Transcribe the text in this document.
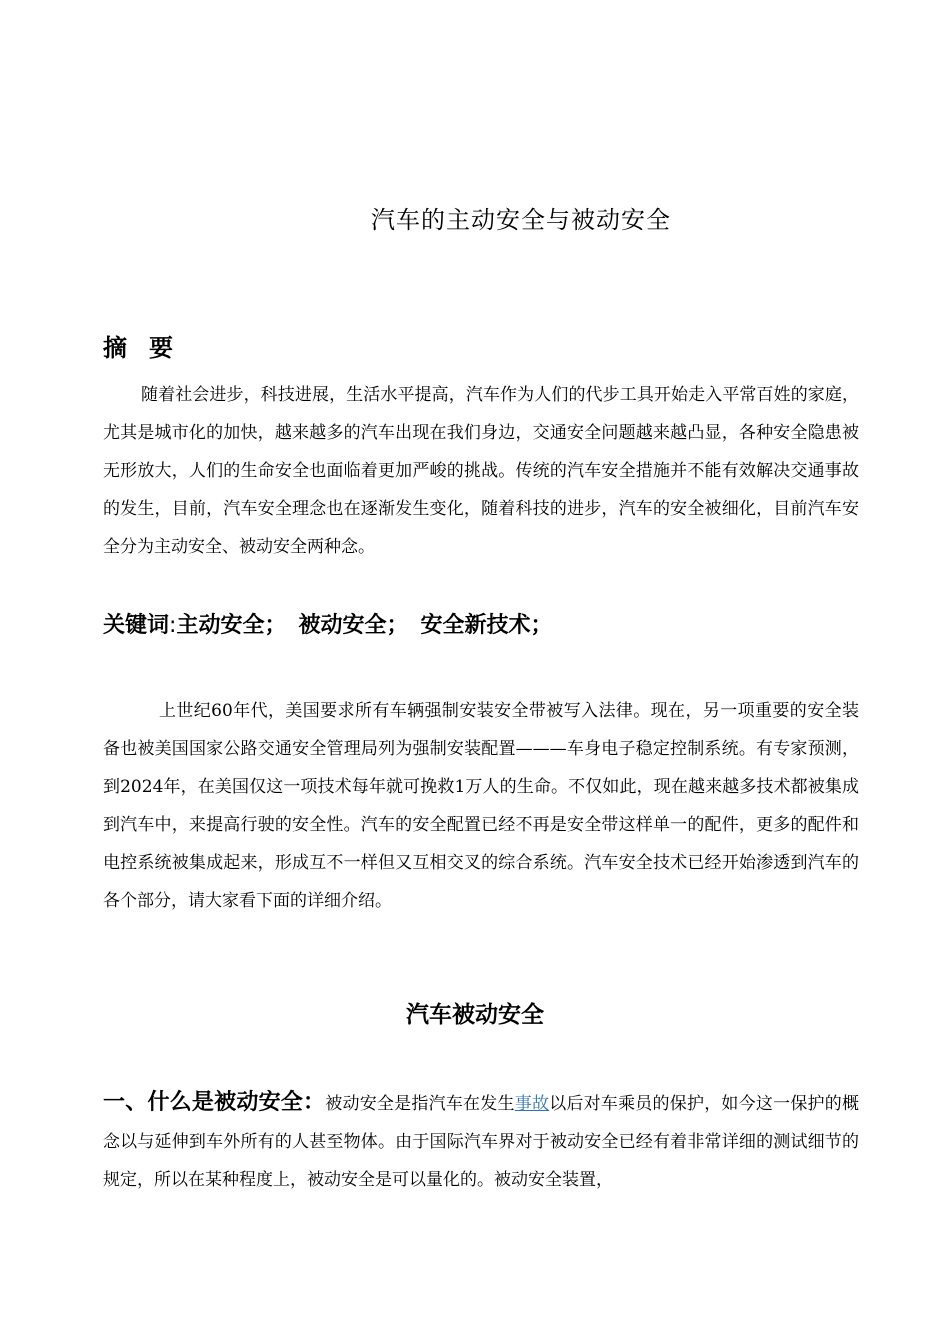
汽车的主动安全与被动安全
摘 要
随着社会进步，科技进展，生活水平提高，汽车作为人们的代步工具开始走入平常百姓的家庭，尤其是城市化的加快，越来越多的汽车出现在我们身边，交通安全问题越来越凸显，各种安全隐患被无形放大，人们的生命安全也面临着更加严峻的挑战。传统的汽车安全措施并不能有效解决交通事故的发生，目前，汽车安全理念也在逐渐发生变化，随着科技的进步，汽车的安全被细化，目前汽车安全分为主动安全、被动安全两种念。
关键词:主动安全； 被动安全； 安全新技术；
上世纪60年代，美国要求所有车辆强制安装安全带被写入法律。现在，另一项重要的安全装备也被美国国家公路交通安全管理局列为强制安装配置———车身电子稳定控制系统。有专家预测，到2024年，在美国仅这一项技术每年就可挽救1万人的生命。不仅如此，现在越来越多技术都被集成到汽车中，来提高行驶的安全性。汽车的安全配置已经不再是安全带这样单一的配件，更多的配件和电控系统被集成起来，形成互不一样但又互相交叉的综合系统。汽车安全技术已经开始渗透到汽车的各个部分，请大家看下面的详细介绍。
汽车被动安全
一、什么是被动安全：被动安全是指汽车在发生事故以后对车乘员的保护，如今这一保护的概念以与延伸到车外所有的人甚至物体。由于国际汽车界对于被动安全已经有着非常详细的测试细节的规定，所以在某种程度上，被动安全是可以量化的。被动安全装置，
